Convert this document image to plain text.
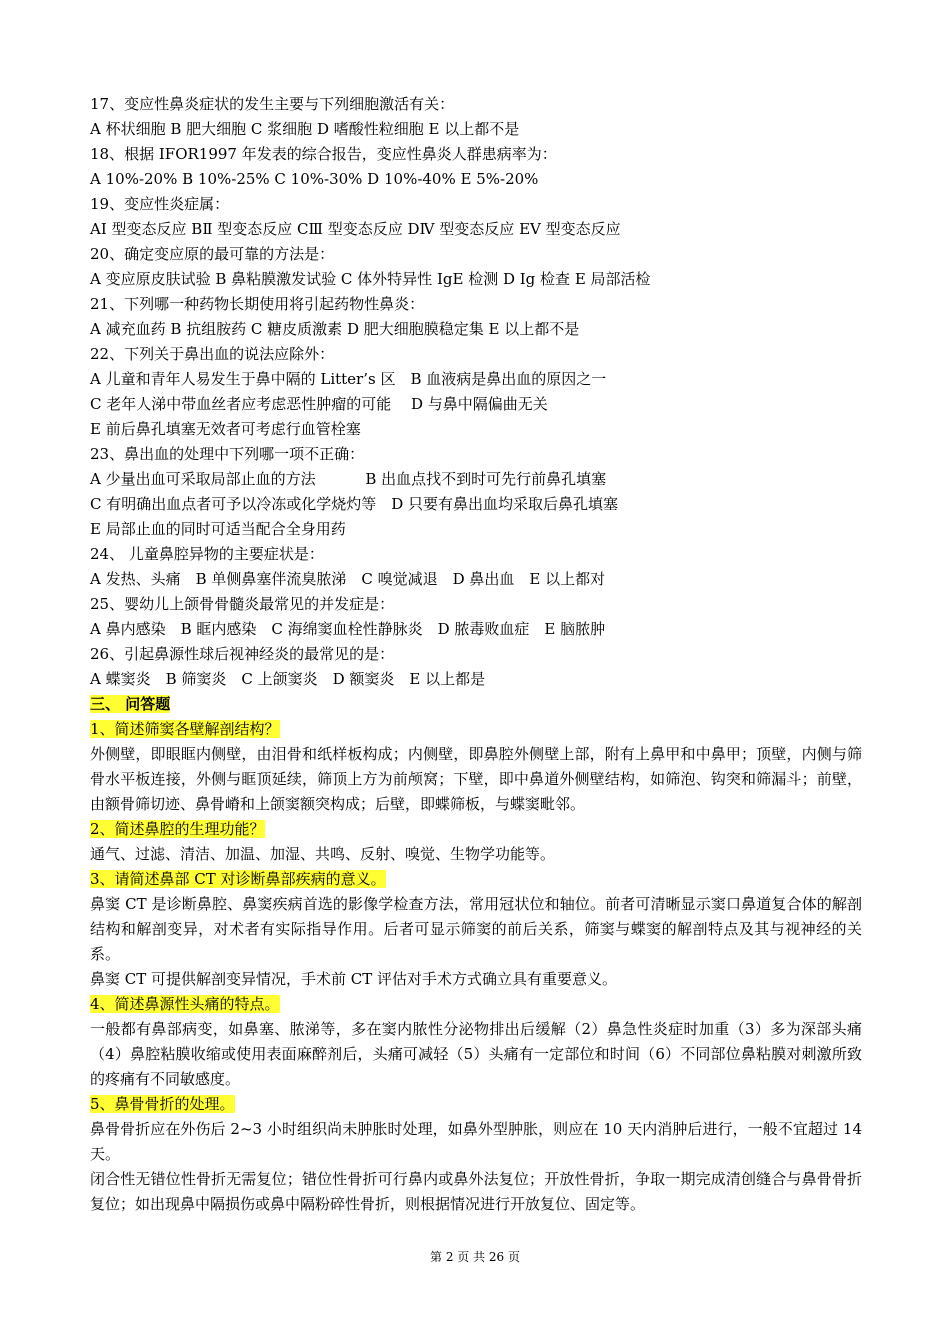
17、变应性鼻炎症状的发生主要与下列细胞激活有关：
A 杯状细胞 B 肥大细胞 C 浆细胞 D 嗜酸性粒细胞 E 以上都不是
18、根据 IFOR1997 年发表的综合报告，变应性鼻炎人群患病率为：
A 10%-20% B 10%-25% C 10%-30% D 10%-40% E 5%-20%
19、变应性炎症属：
AⅠ 型变态反应 BⅡ 型变态反应 CⅢ 型变态反应 DⅣ 型变态反应 EⅤ 型变态反应
20、确定变应原的最可靠的方法是：
A 变应原皮肤试验 B 鼻粘膜激发试验 C 体外特异性 IgE 检测 D Ig 检查 E 局部活检
21、下列哪一种药物长期使用将引起药物性鼻炎：
A 减充血药 B 抗组胺药 C 糖皮质激素 D 肥大细胞膜稳定集 E 以上都不是
22、下列关于鼻出血的说法应除外：
A 儿童和青年人易发生于鼻中隔的 Litter’s 区　B 血液病是鼻出血的原因之一
C 老年人涕中带血丝者应考虑恶性肿瘤的可能　 D 与鼻中隔偏曲无关
E 前后鼻孔填塞无效者可考虑行血管栓塞
23、鼻出血的处理中下列哪一项不正确：
A 少量出血可采取局部止血的方法　　　 B 出血点找不到时可先行前鼻孔填塞
C 有明确出血点者可予以冷冻或化学烧灼等　D 只要有鼻出血均采取后鼻孔填塞
E 局部止血的同时可适当配合全身用药
24、 儿童鼻腔异物的主要症状是：
A 发热、头痛　B 单侧鼻塞伴流臭脓涕　C 嗅觉减退　D 鼻出血　E 以上都对
25、婴幼儿上颌骨骨髓炎最常见的并发症是：
A 鼻内感染　B 眶内感染　C 海绵窦血栓性静脉炎　D 脓毒败血症　E 脑脓肿
26、引起鼻源性球后视神经炎的最常见的是：
A 蝶窦炎　B 筛窦炎　C 上颌窦炎　D 额窦炎　E 以上都是
三、 问答题
1、简述筛窦各壁解剖结构？
外侧壁，即眼眶内侧壁，由泪骨和纸样板构成；内侧壁，即鼻腔外侧壁上部，附有上鼻甲和中鼻甲；顶壁，内侧与筛骨水平板连接，外侧与眶顶延续，筛顶上方为前颅窝；下壁，即中鼻道外侧壁结构，如筛泡、钩突和筛漏斗；前壁，由额骨筛切迹、鼻骨嵴和上颌窦额突构成；后壁，即蝶筛板，与蝶窦毗邻。
2、简述鼻腔的生理功能？
通气、过滤、清洁、加温、加湿、共鸣、反射、嗅觉、生物学功能等。
3、请简述鼻部 CT 对诊断鼻部疾病的意义。
鼻窦 CT 是诊断鼻腔、鼻窦疾病首选的影像学检查方法，常用冠状位和轴位。前者可清晰显示窦口鼻道复合体的解剖结构和解剖变异，对术者有实际指导作用。后者可显示筛窦的前后关系，筛窦与蝶窦的解剖特点及其与视神经的关系。
鼻窦 CT 可提供解剖变异情况，手术前 CT 评估对手术方式确立具有重要意义。
4、简述鼻源性头痛的特点。
一般都有鼻部病变，如鼻塞、脓涕等，多在窦内脓性分泌物排出后缓解（2）鼻急性炎症时加重（3）多为深部头痛（4）鼻腔粘膜收缩或使用表面麻醉剂后，头痛可减轻（5）头痛有一定部位和时间（6）不同部位鼻粘膜对刺激所致的疼痛有不同敏感度。
5、鼻骨骨折的处理。
鼻骨骨折应在外伤后 2~3 小时组织尚未肿胀时处理，如鼻外型肿胀，则应在 10 天内消肿后进行，一般不宜超过 14 天。
闭合性无错位性骨折无需复位；错位性骨折可行鼻内或鼻外法复位；开放性骨折，争取一期完成清创缝合与鼻骨骨折复位；如出现鼻中隔损伤或鼻中隔粉碎性骨折，则根据情况进行开放复位、固定等。
第 2 页 共 26 页
